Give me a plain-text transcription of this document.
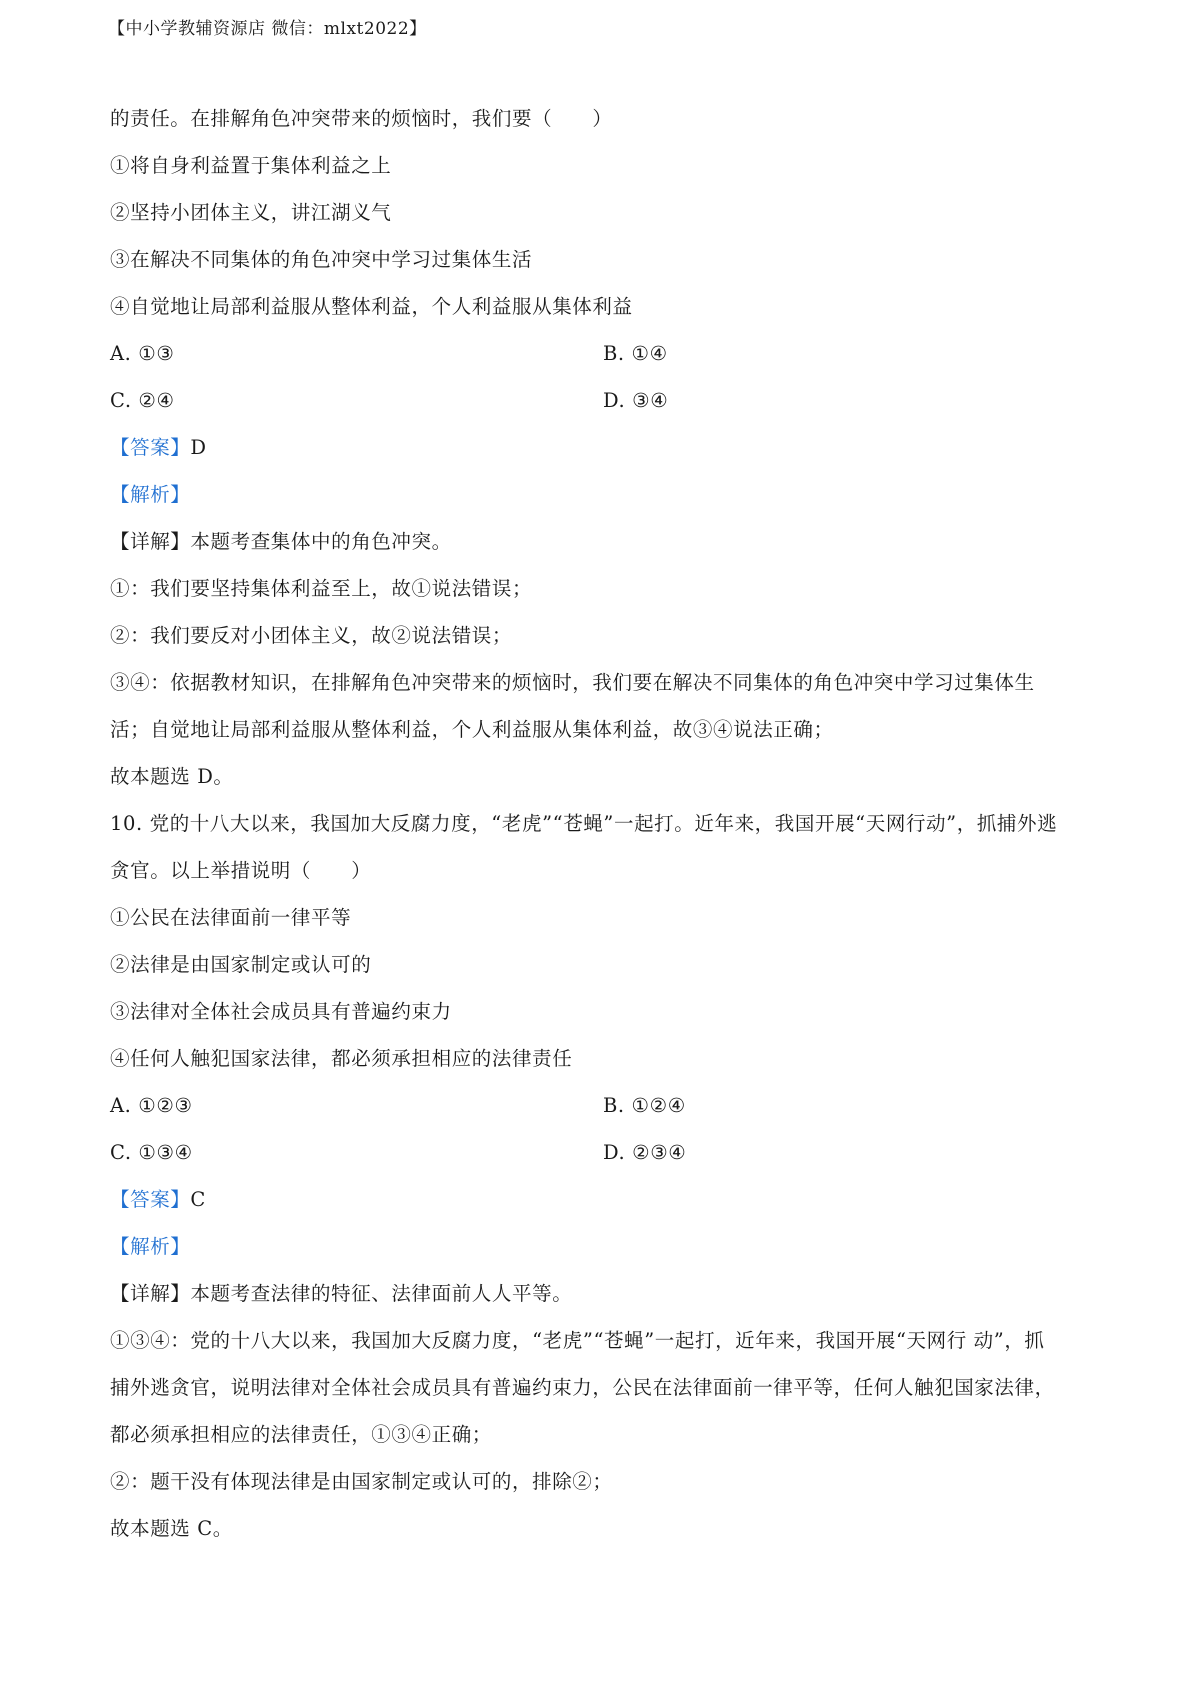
【中小学教辅资源店 微信：mlxt2022】
的责任。在排解角色冲突带来的烦恼时，我们要（　　）
①将自身利益置于集体利益之上
②坚持小团体主义，讲江湖义气
③在解决不同集体的角色冲突中学习过集体生活
④自觉地让局部利益服从整体利益，个人利益服从集体利益
A. ①③	B. ①④
C. ②④	D. ③④
【答案】D
【解析】
【详解】本题考查集体中的角色冲突。
①：我们要坚持集体利益至上，故①说法错误；
②：我们要反对小团体主义，故②说法错误；
③④：依据教材知识，在排解角色冲突带来的烦恼时，我们要在解决不同集体的角色冲突中学习过集体生
活；自觉地让局部利益服从整体利益，个人利益服从集体利益，故③④说法正确；
故本题选 D。
10. 党的十八大以来，我国加大反腐力度，“老虎”“苍蝇”一起打。近年来，我国开展“天网行动”，抓捕外逃
贪官。以上举措说明（　　）
①公民在法律面前一律平等
②法律是由国家制定或认可的
③法律对全体社会成员具有普遍约束力
④任何人触犯国家法律，都必须承担相应的法律责任
A. ①②③	B. ①②④
C. ①③④	D. ②③④
【答案】C
【解析】
【详解】本题考查法律的特征、法律面前人人平等。
①③④：党的十八大以来，我国加大反腐力度，“老虎”“苍蝇”一起打，近年来，我国开展“天网行 动”，抓
捕外逃贪官，说明法律对全体社会成员具有普遍约束力，公民在法律面前一律平等，任何人触犯国家法律，
都必须承担相应的法律责任，①③④正确；
②：题干没有体现法律是由国家制定或认可的，排除②；
故本题选 C。
